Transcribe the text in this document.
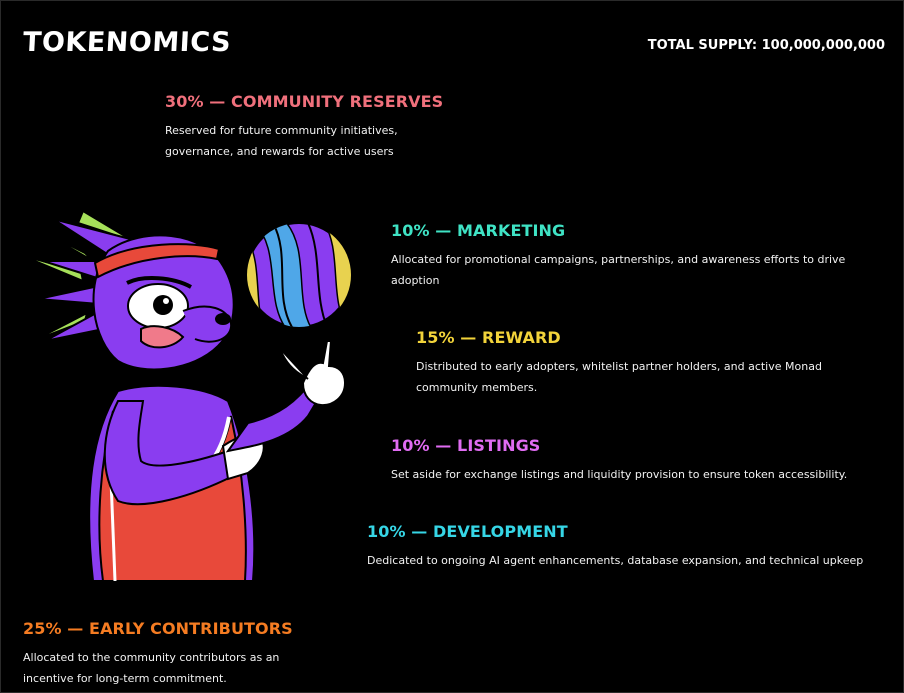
TOKENOMICS	TOTAL SUPPLY: 100,000,000,000
30% — COMMUNITY RESERVES
Reserved for future community initiatives, governance, and rewards for active users
10% — MARKETING
Allocated for promotional campaigns, partnerships, and awareness efforts to drive adoption
15% — REWARD
Distributed to early adopters, whitelist partner holders, and active Monad community members.
10% — LISTINGS
Set aside for exchange listings and liquidity provision to ensure token accessibility.
10% — DEVELOPMENT
Dedicated to ongoing AI agent enhancements, database expansion, and technical upkeep
25% — EARLY CONTRIBUTORS
Allocated to the community contributors as an incentive for long-term commitment.
